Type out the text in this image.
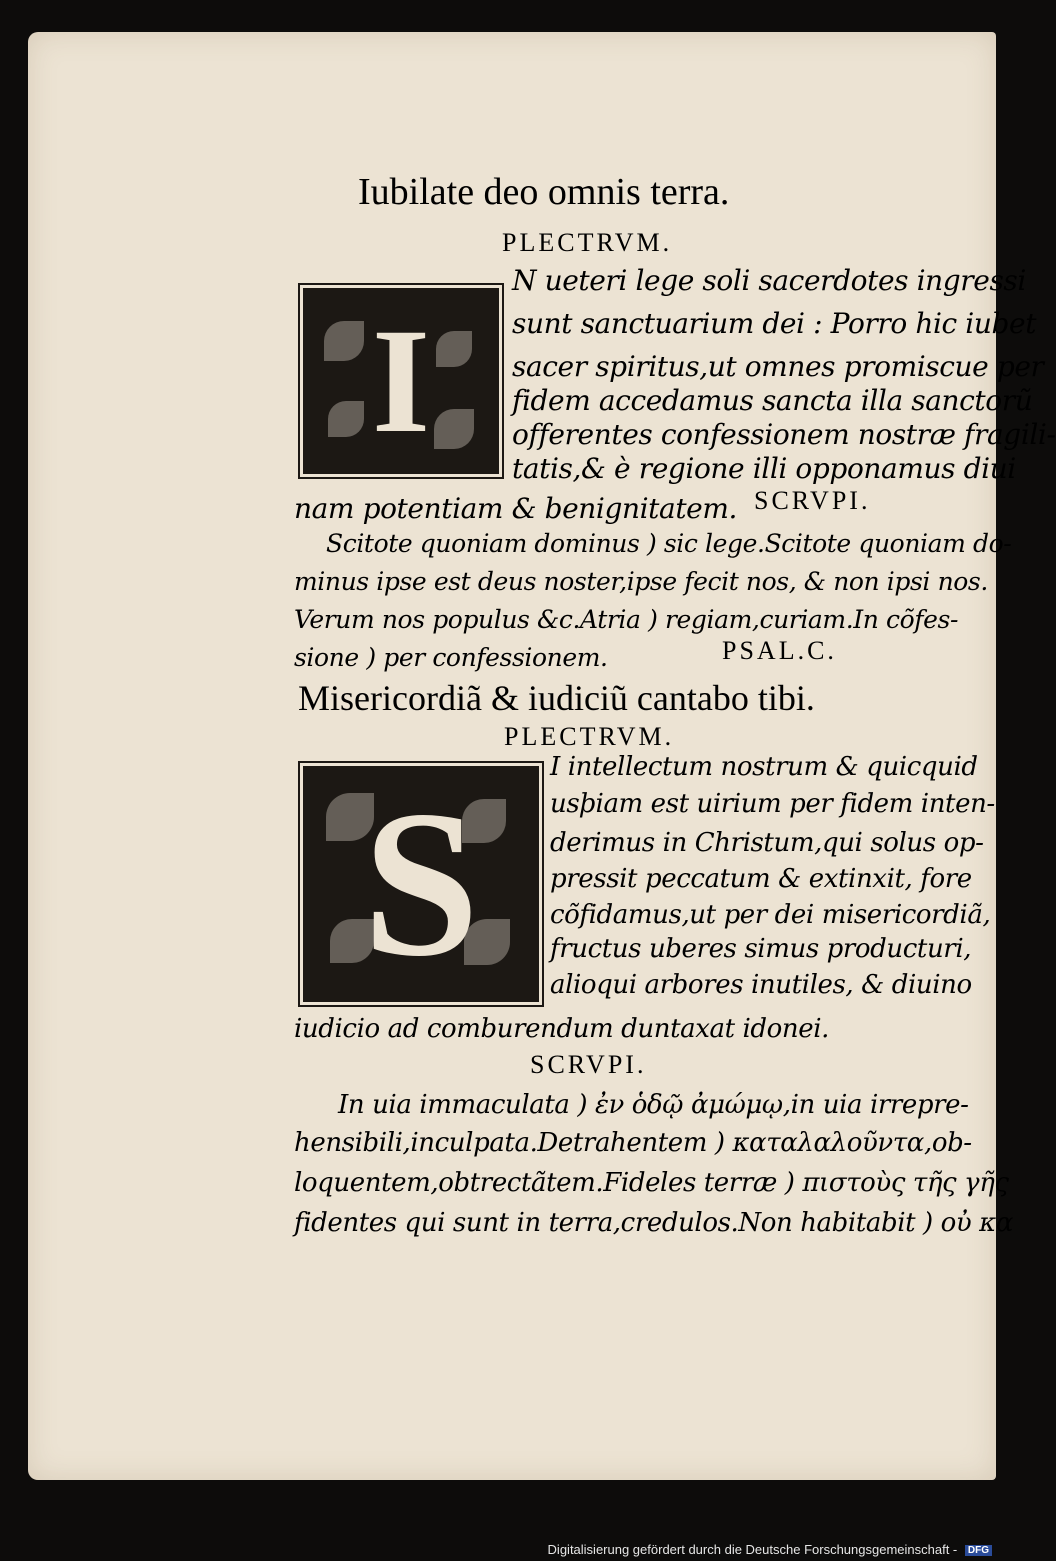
Iubilate deo omnis terra.
PLECTRVM.
I
N ueteri lege soli sacerdotes ingressi
sunt sanctuarium dei : Porro hic iubet
sacer spiritus,ut omnes promiscue per
fidem accedamus sancta illa sanctorũ
offerentes confessionem nostræ fragili-
tatis,& è regione illi opponamus diui
nam potentiam & benignitatem. SCRVPI.
Scitote quoniam dominus ) sic lege.Scitote quoniam do-
minus ipse est deus noster,ipse fecit nos, & non ipsi nos.
Verum nos populus &c.Atria ) regiam,curiam.In cõfes-
sione ) per confessionem.	PSAL.C.
Misericordiã & iudiciũ cantabo tibi.
PLECTRVM.
S
I intellectum nostrum & quicquid
usþiam est uirium per fidem inten-
derimus in Christum,qui solus op-
pressit peccatum & extinxit, fore
cõfidamus,ut per dei misericordiã,
fructus uberes simus producturi,
alioqui arbores inutiles, & diuino
iudicio ad comburendum duntaxat idonei.
SCRVPI.
In uia immaculata ) ἐν ὁδῷ ἀμώμῳ,in uia irrepre-
hensibili,inculpata.Detrahentem ) καταλαλοῦντα,ob-
loquentem,obtrectãtem.Fideles terræ ) πιστοὺς τῆς γῆς
fidentes qui sunt in terra,credulos.Non habitabit ) οὐ κα
Digitalisierung gefördert durch die Deutsche Forschungsgemeinschaft - DFG
